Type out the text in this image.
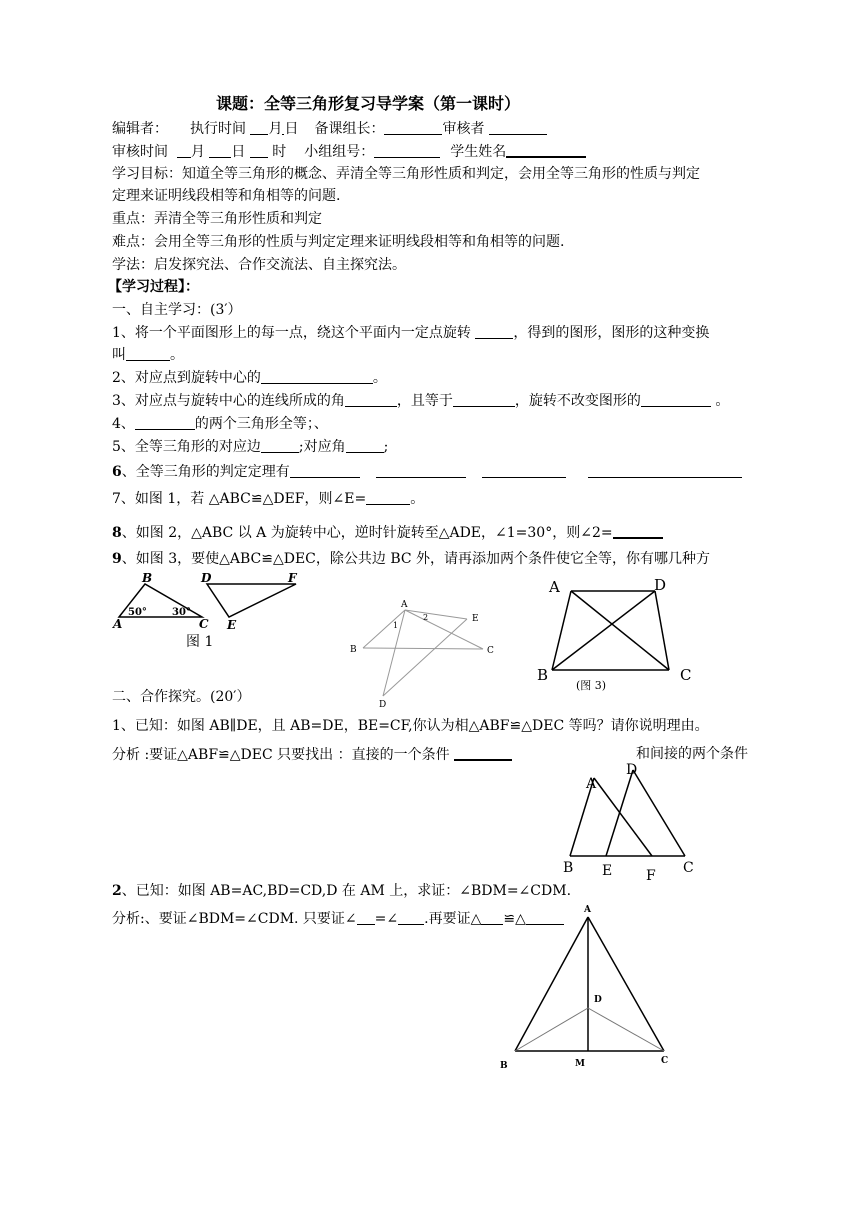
课题：全等三角形复习导学案（第一课时）
编辑者： 执行时间 月 日 备课组长：	审核者
审核时间 月 日 时 小组组号：	学生姓名
学习目标：知道全等三角形的概念、弄清全等三角形性质和判定，会用全等三角形的性质与判定
定理来证明线段相等和角相等的问题.
重点：弄清全等三角形性质和判定
难点：会用全等三角形的性质与判定定理来证明线段相等和角相等的问题.
学法：启发探究法、合作交流法、自主探究法。
【学习过程】：
一、自主学习：(3′）
1、将一个平面图形上的每一点，绕这个平面内一定点旋转	，得到的图形，图形的这种变换
叫	。
2、对应点到旋转中心的	。
3、对应点与旋转中心的连线所成的角	，且等于	，旋转不改变图形的	。
4、	的两个三角形全等；、
5、全等三角形的对应边	;对应角	;
6、全等三角形的判定定理有
7、如图 1，若 △ABC≌△DEF，则∠E=	。
8、如图 2，△ABC 以 A 为旋转中心，逆时针旋转至△ADE，∠1=30°，则∠2=
9、如图 3，要使△ABC≌△DEC，除公共边 BC 外，请再添加两个条件使它全等，你有哪几种方
B
A	C
D	F
E
50°	30°
图 1
A
B	C
D
E
1
2
A	D
B	C
(图 3)
二、合作探究。(20′）
1、已知：如图 AB∥DE，且 AB=DE，BE=CF,你认为相△ABF≌△DEC 等吗？请你说明理由。
分析 :要证△ABF≌△DEC 只要找出 ：直接的一个条件	和间接的两个条件
A
D
B E F C
2、已知：如图 AB=AC,BD=CD,D 在 AM 上，求证：∠BDM=∠CDM.
分析:、要证∠BDM=∠CDM. 只要证∠ =∠ .再要证△ ≌△
A
D
B	M	C
